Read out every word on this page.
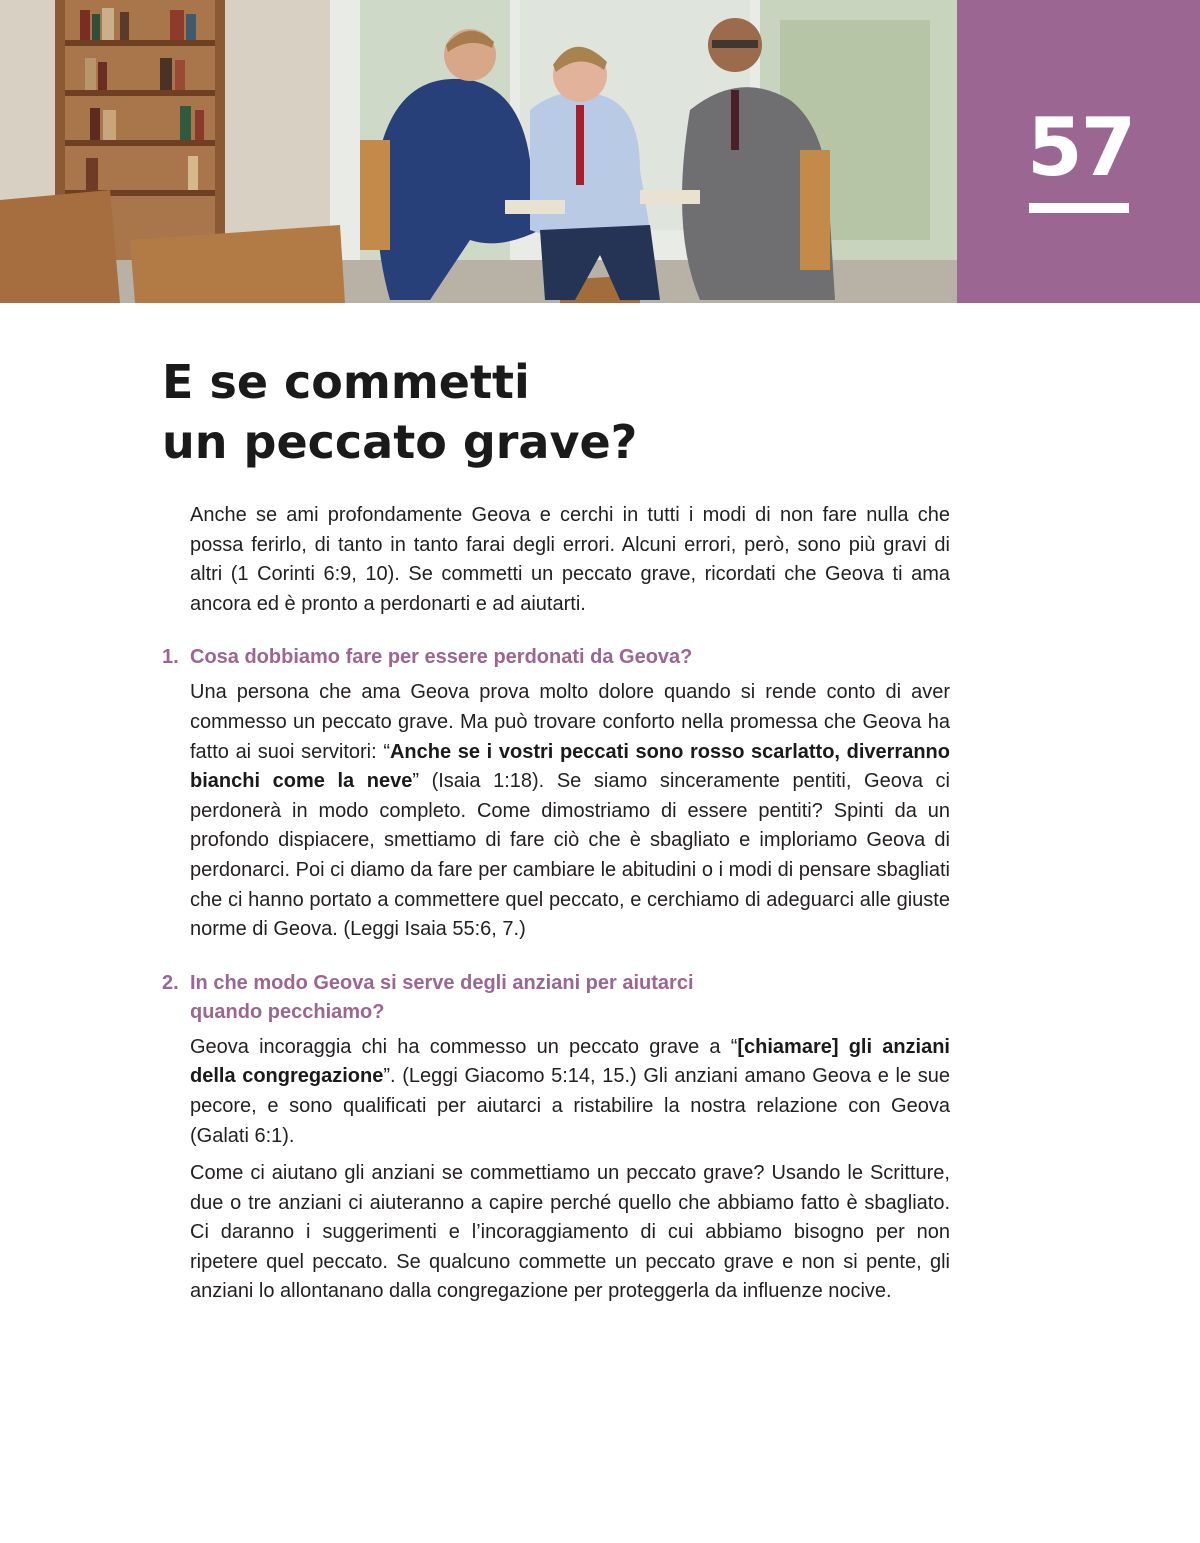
57
E se commetti
un peccato grave?

Anche se ami profondamente Geova e cerchi in tutti i modi di non fare nulla che possa ferirlo, di tanto in tanto farai degli errori. Alcuni errori, però, sono più gravi di altri (1 Corinti 6:9, 10). Se commetti un peccato grave, ricordati che Geova ti ama ancora ed è pronto a perdonarti e ad aiutarti.

1. Cosa dobbiamo fare per essere perdonati da Geova?

Una persona che ama Geova prova molto dolore quando si rende conto di aver commesso un peccato grave. Ma può trovare conforto nella promessa che Geova ha fatto ai suoi servitori: “Anche se i vostri peccati sono rosso scarlatto, diverranno bianchi come la neve” (Isaia 1:18). Se siamo sinceramente pentiti, Geova ci perdonerà in modo completo. Come dimostriamo di essere pentiti? Spinti da un profondo dispiacere, smettiamo di fare ciò che è sbagliato e imploriamo Geova di perdonarci. Poi ci diamo da fare per cambiare le abitudini o i modi di pensare sbagliati che ci hanno portato a commettere quel peccato, e cerchiamo di adeguarci alle giuste norme di Geova. (Leggi Isaia 55:6, 7.)

2. In che modo Geova si serve degli anziani per aiutarci
quando pecchiamo?

Geova incoraggia chi ha commesso un peccato grave a “[chiamare] gli anziani della congregazione”. (Leggi Giacomo 5:14, 15.) Gli anziani amano Geova e le sue pecore, e sono qualificati per aiutarci a ristabilire la nostra relazione con Geova (Galati 6:1).

Come ci aiutano gli anziani se commettiamo un peccato grave? Usando le Scritture, due o tre anziani ci aiuteranno a capire perché quello che abbiamo fatto è sbagliato. Ci daranno i suggerimenti e l’incoraggiamento di cui abbiamo bisogno per non ripetere quel peccato. Se qualcuno commette un peccato grave e non si pente, gli anziani lo allontanano dalla congregazione per proteggerla da influenze nocive.
